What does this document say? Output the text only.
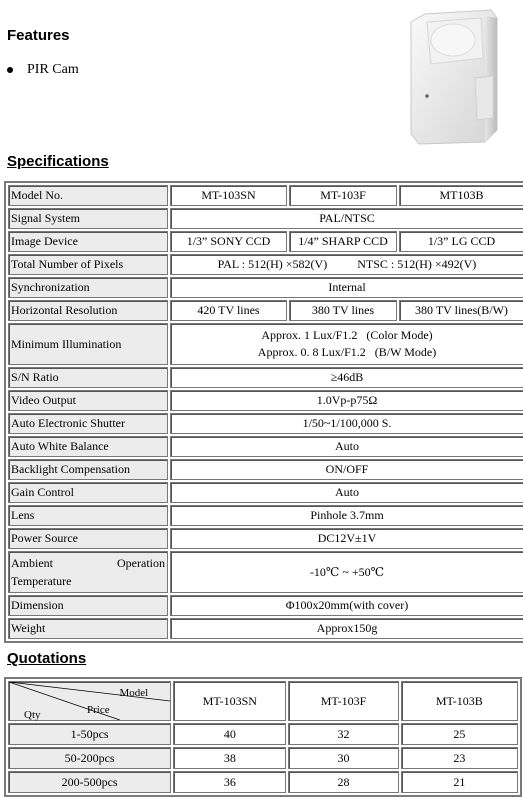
Features
PIR Cam
Specifications
Model No.	MT-103SN	MT-103F	MT103B
Signal System	PAL/NTSC		
Image Device	1/3” SONY CCD	1/4” SHARP CCD	1/3” LG CCD
Total Number of Pixels	PAL : 512(H) ×582(V)          NTSC : 512(H) ×492(V)		
Synchronization	Internal		
Horizontal Resolution	420 TV lines	380 TV lines	380 TV lines(B/W)
Minimum Illumination	Approx. 1 Lux/F1.2   (Color Mode)
Approx. 0. 8 Lux/F1.2   (B/W Mode)		

S/N Ratio	≥46dB		
Video Output	1.0Vp-p75Ω		
Auto Electronic Shutter	1/50~1/100,000 S.		
Auto White Balance	Auto		
Backlight Compensation	ON/OFF		
Gain Control	Auto		
Lens	Pinhole 3.7mm		
Power Source	DC12V±1V		

Ambient Operation
Temperature	-10℃ ~ +50℃		
Dimension	Φ100x20mm(with cover)		
Weight	Approx150g		
Quotations
Model
Price
Qty	MT-103SN	MT-103F	MT-103B
1-50pcs	40	32	25
50-200pcs	38	30	23
200-500pcs	36	28	21
